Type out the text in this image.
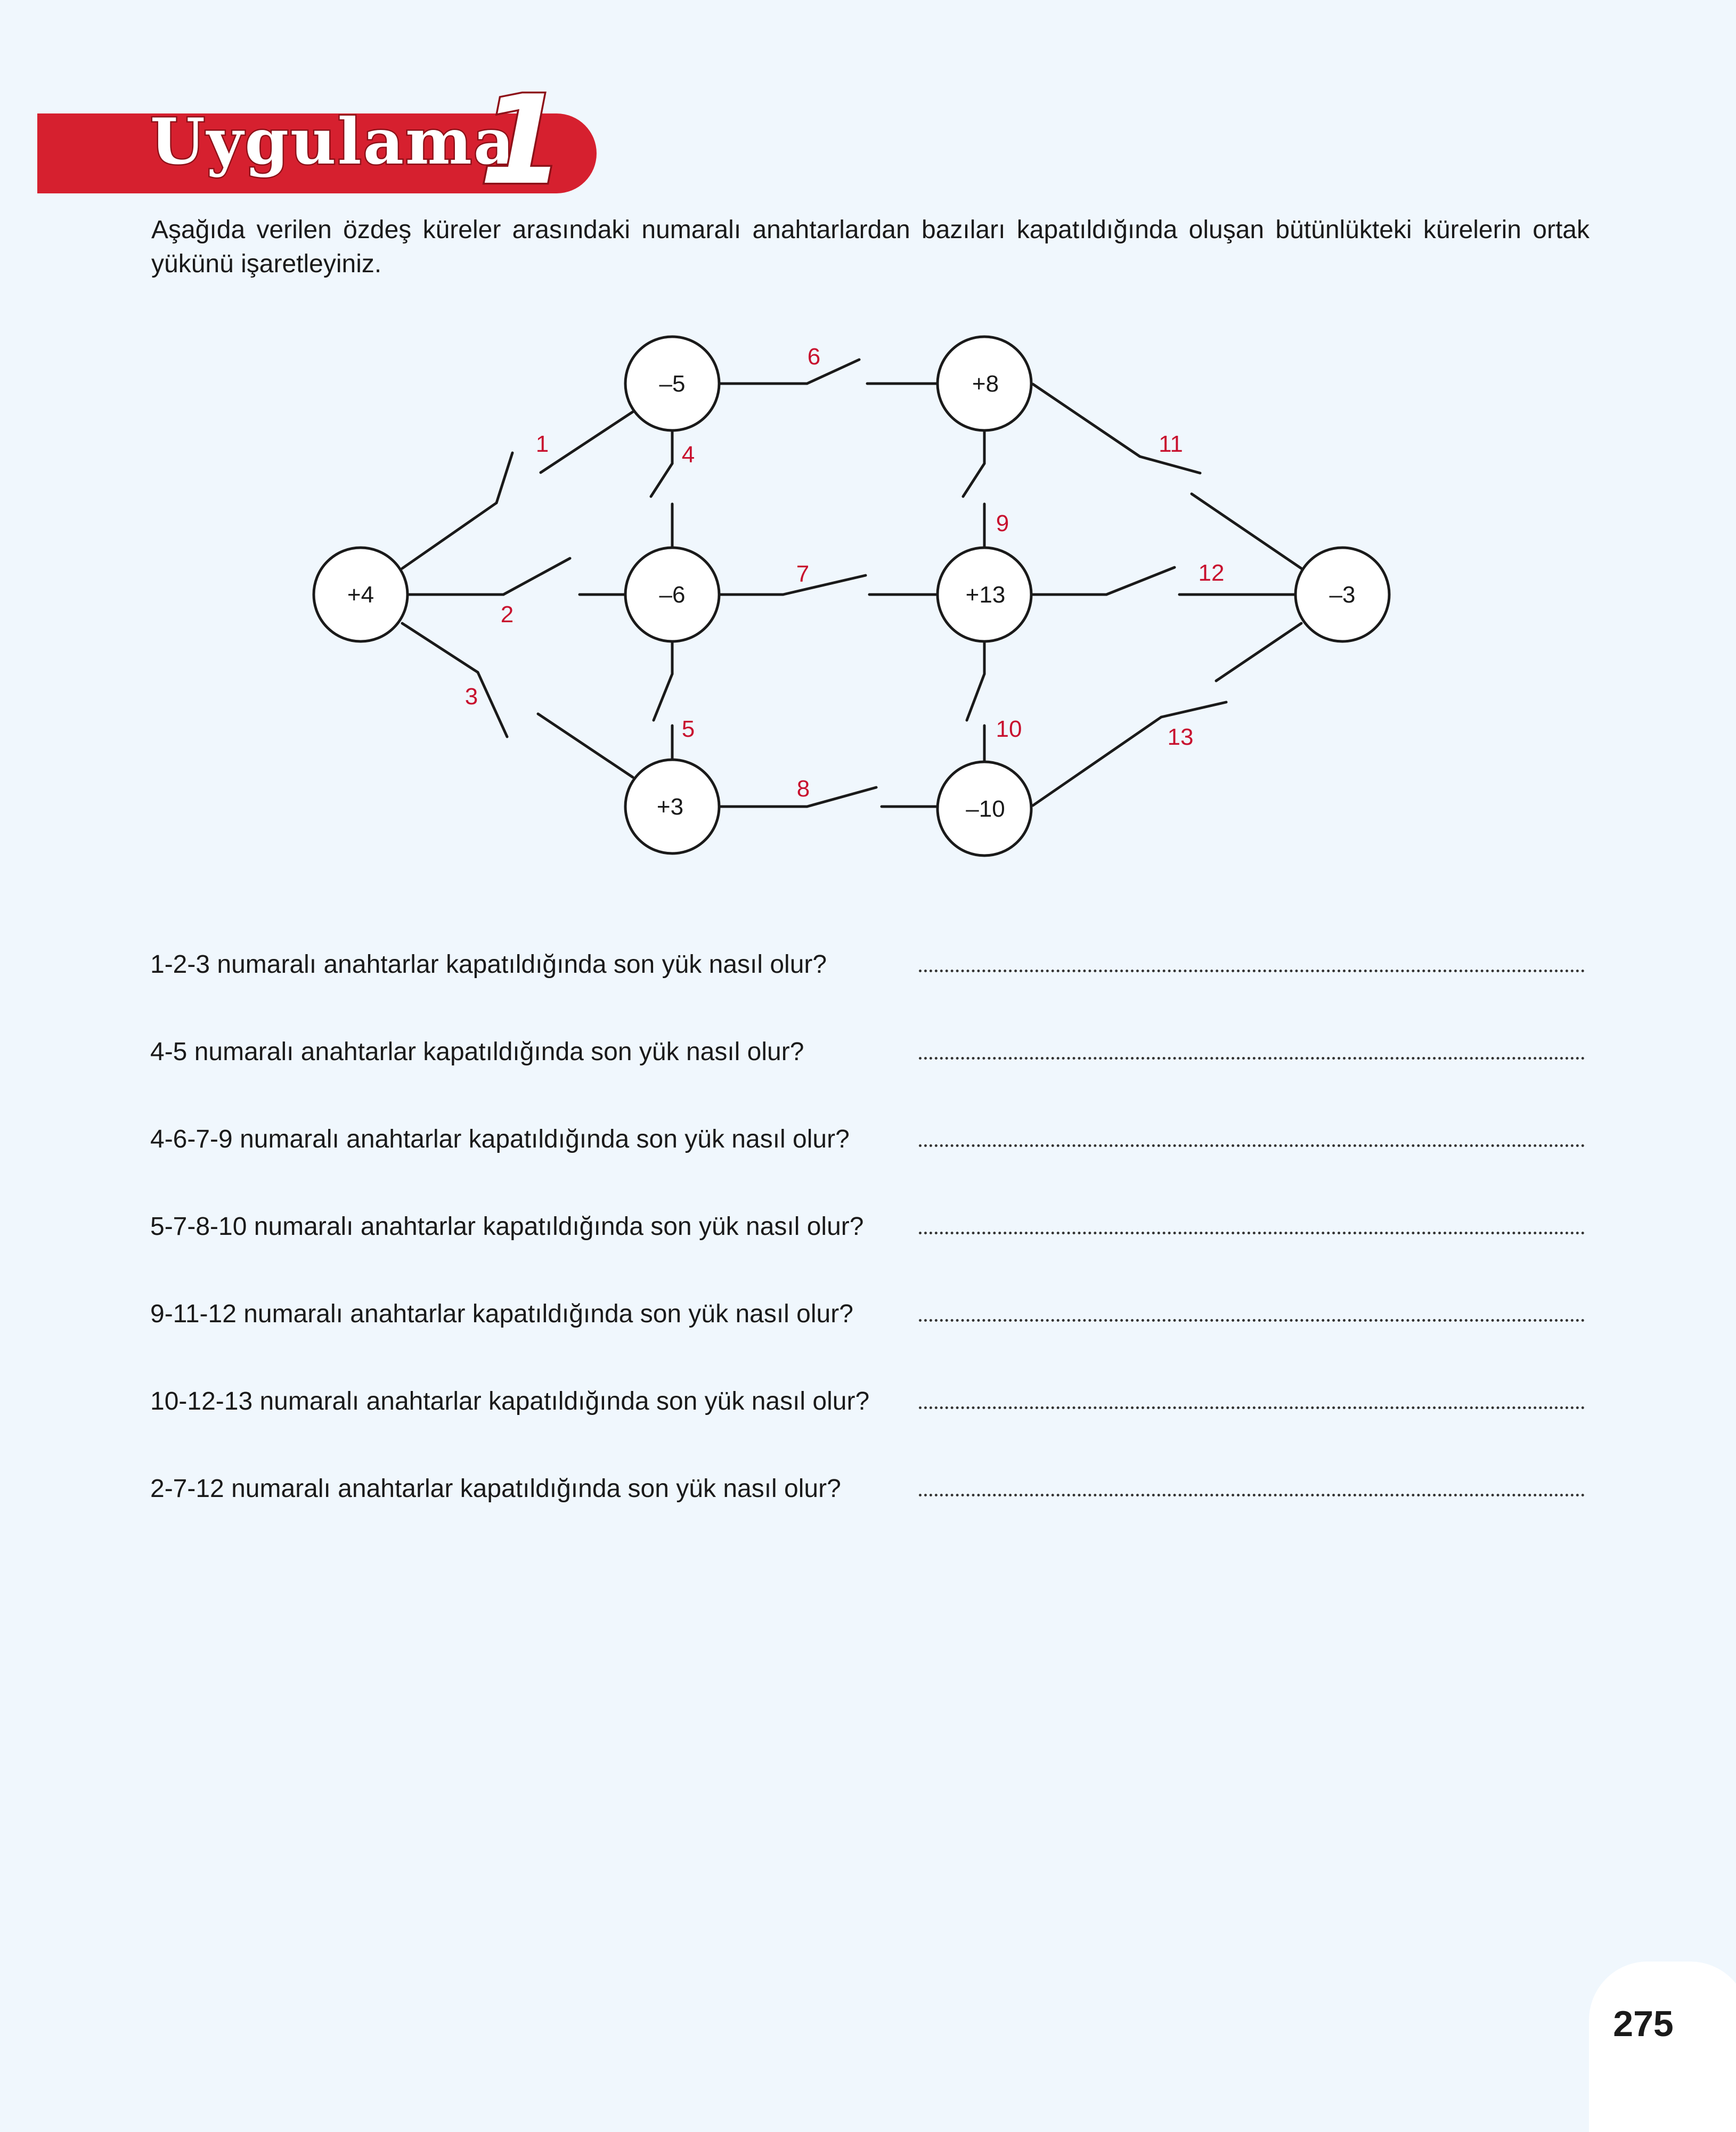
Uygulama
1

Aşağıda verilen özdeş küreler arasındaki numaralı anahtarlardan bazıları kapatıldığında oluşan bütünlükteki kürelerin ortak yükünü işaretleyiniz.

+4
–5
–6
+3
+8
+13
–10
–3
1
2
3
4
5
6
7
8
9
10
11
12
13
1-2-3 numaralı anahtarlar kapatıldığında son yük nasıl olur?
4-5 numaralı anahtarlar kapatıldığında son yük nasıl olur?
4-6-7-9 numaralı anahtarlar kapatıldığında son yük nasıl olur?
5-7-8-10 numaralı anahtarlar kapatıldığında son yük nasıl olur?
9-11-12 numaralı anahtarlar kapatıldığında son yük nasıl olur?
10-12-13 numaralı anahtarlar kapatıldığında son yük nasıl olur?
2-7-12 numaralı anahtarlar kapatıldığında son yük nasıl olur?
275
